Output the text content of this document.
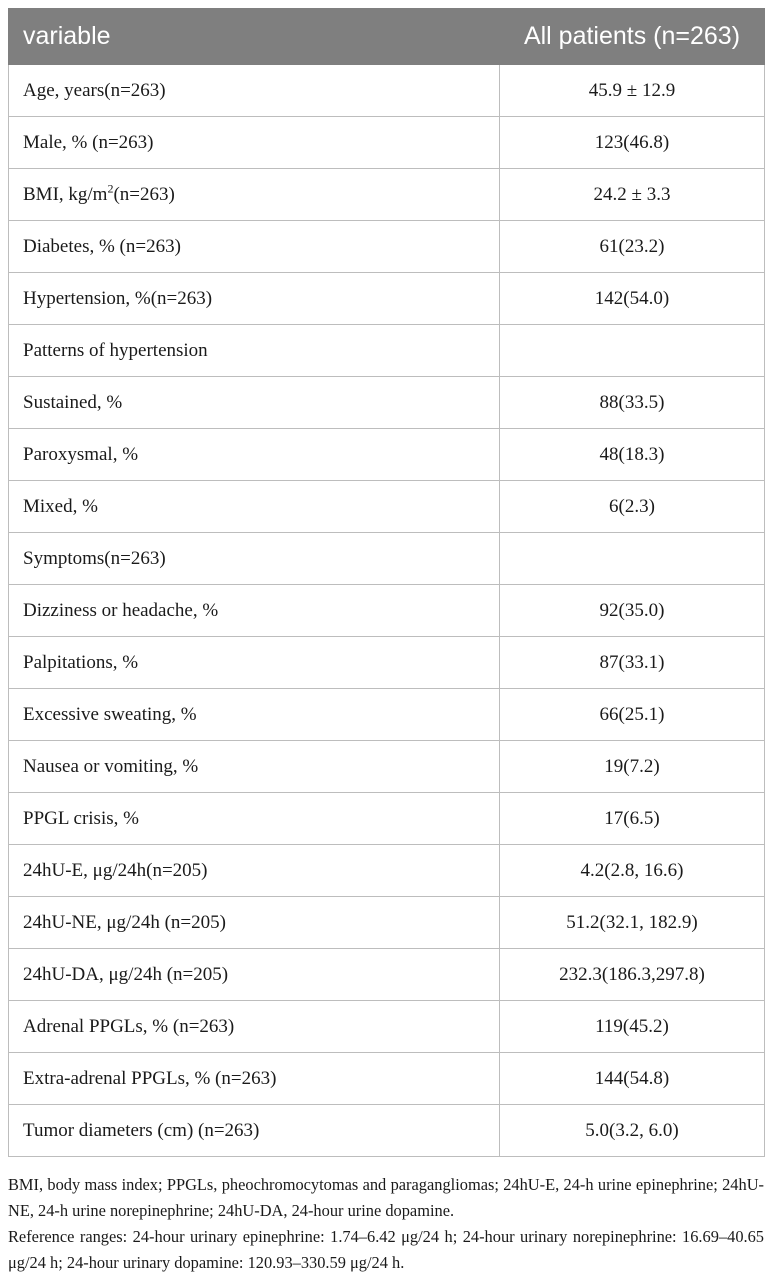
variable	All patients (n=263)
Age, years(n=263)	45.9 ± 12.9
Male, % (n=263)	123(46.8)
BMI, $kg/m^2(n=263)$	24.2 ± 3.3
Diabetes, % (n=263)	61(23.2)
Hypertension, %(n=263)	142(54.0)
Patterns of hypertension	
Sustained, %	88(33.5)
Paroxysmal, %	48(18.3)
Mixed, %	6(2.3)
Symptoms(n=263)	
Dizziness or headache, %	92(35.0)
Palpitations, %	87(33.1)
Excessive sweating, %	66(25.1)
Nausea or vomiting, %	19(7.2)
PPGL crisis, %	17(6.5)
24hU-E, μg/24h(n=205)	4.2(2.8, 16.6)
24hU-NE, μg/24h (n=205)	51.2(32.1, 182.9)
24hU-DA, μg/24h (n=205)	232.3(186.3,297.8)
Adrenal PPGLs, % (n=263)	119(45.2)
Extra-adrenal PPGLs, % (n=263)	144(54.8)
Tumor diameters (cm) (n=263)	5.0(3.2, 6.0)

BMI, body mass index; PPGLs, pheochromocytomas and paragangliomas; 24hU-E, 24-h urine epinephrine; 24hU-NE, 24-h urine norepinephrine; 24hU-DA, 24-hour urine dopamine.

Reference ranges: 24-hour urinary epinephrine: 1.74–6.42 μg/24 h; 24-hour urinary norepinephrine: 16.69–40.65 μg/24 h; 24-hour urinary dopamine: 120.93–330.59 μg/24 h.
